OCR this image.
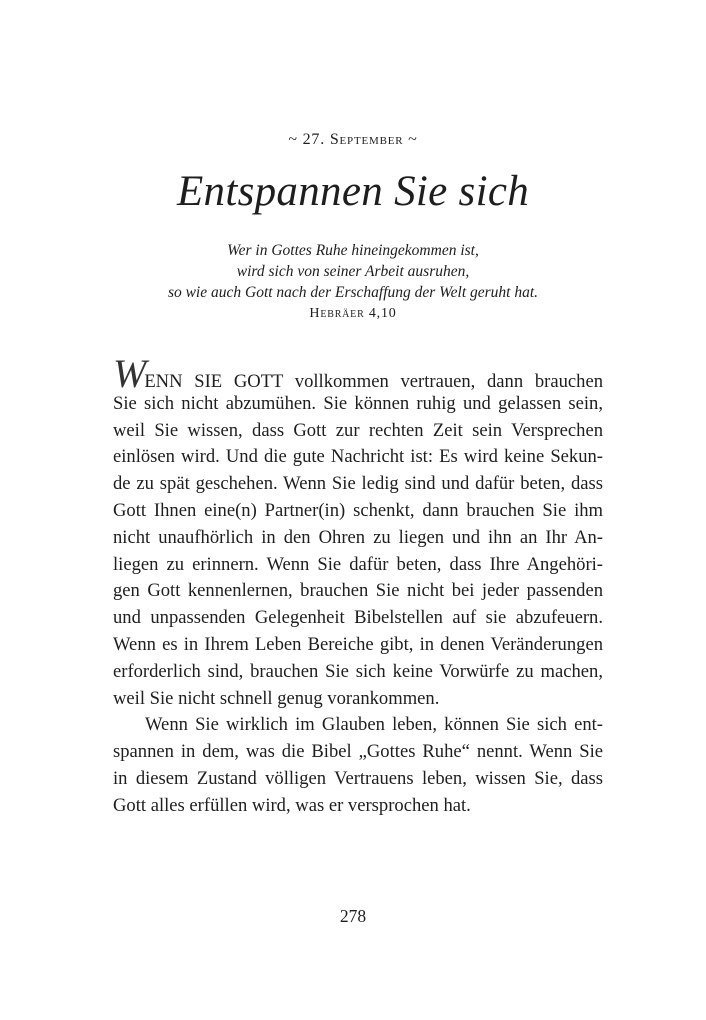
~ 27. September ~
Entspannen Sie sich
Wer in Gottes Ruhe hineingekommen ist,
wird sich von seiner Arbeit ausruhen,
so wie auch Gott nach der Erschaffung der Welt geruht hat.
Hebräer 4,10
WENN SIE GOTT vollkommen vertrauen, dann brauchen
Sie sich nicht abzumühen. Sie können ruhig und gelassen sein,
weil Sie wissen, dass Gott zur rechten Zeit sein Versprechen
einlösen wird. Und die gute Nachricht ist: Es wird keine Sekun-
de zu spät geschehen. Wenn Sie ledig sind und dafür beten, dass
Gott Ihnen eine(n) Partner(in) schenkt, dann brauchen Sie ihm
nicht unaufhörlich in den Ohren zu liegen und ihn an Ihr An-
liegen zu erinnern. Wenn Sie dafür beten, dass Ihre Angehöri-
gen Gott kennenlernen, brauchen Sie nicht bei jeder passenden
und unpassenden Gelegenheit Bibelstellen auf sie abzufeuern.
Wenn es in Ihrem Leben Bereiche gibt, in denen Veränderungen
erforderlich sind, brauchen Sie sich keine Vorwürfe zu machen,
weil Sie nicht schnell genug vorankommen.
Wenn Sie wirklich im Glauben leben, können Sie sich ent-
spannen in dem, was die Bibel „Gottes Ruhe“ nennt. Wenn Sie
in diesem Zustand völligen Vertrauens leben, wissen Sie, dass
Gott alles erfüllen wird, was er versprochen hat.
278
